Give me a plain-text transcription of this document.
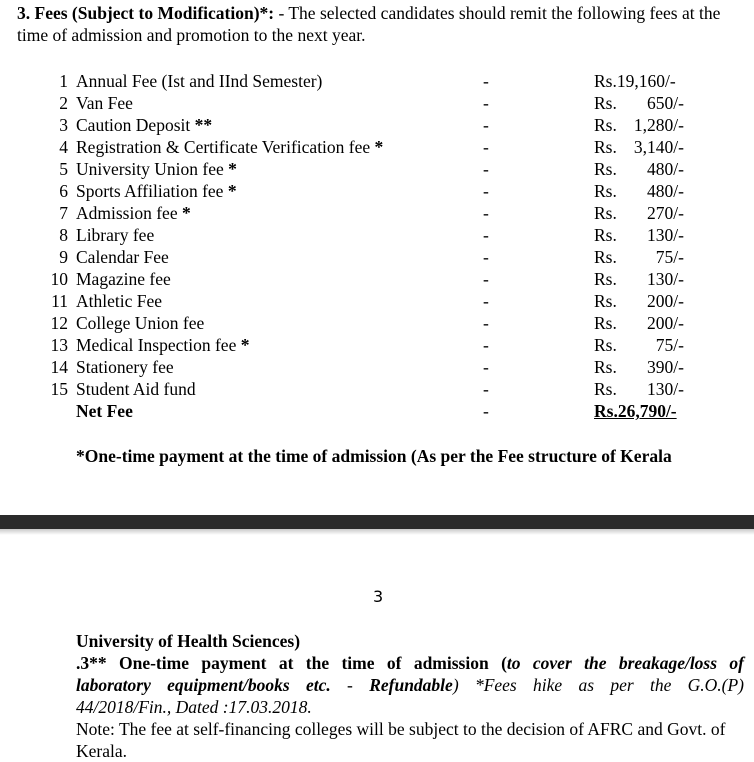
3. Fees (Subject to Modification)*: - The selected candidates should remit the following fees at the time of admission and promotion to the next year.
1 Annual Fee (Ist and IInd Semester)	-	Rs.19,160/-
2 Van Fee	-	Rs. 650/-
3 Caution Deposit **	-	Rs. 1,280/-
4 Registration & Certificate Verification fee *	-	Rs. 3,140/-
5 University Union fee *	-	Rs. 480/-
6 Sports Affiliation fee *	-	Rs. 480/-
7 Admission fee *	-	Rs. 270/-
8 Library fee	-	Rs. 130/-
9 Calendar Fee	-	Rs. 75/-
10 Magazine fee	-	Rs. 130/-
11 Athletic Fee	-	Rs. 200/-
12 College Union fee	-	Rs. 200/-
13 Medical Inspection fee *	-	Rs. 75/-
14 Stationery fee	-	Rs. 390/-
15 Student Aid fund	-	Rs. 130/-
Net Fee	-	Rs.26,790/-
*One-time payment at the time of admission (As per the Fee structure of Kerala
3

University of Health Sciences)

.3** One-time payment at the time of admission (to cover the breakage/loss of

laboratory equipment/books etc. - Refundable) *Fees hike as per the G.O.(P)

44/2018/Fin., Dated :17.03.2018.

Note: The fee at self-financing colleges will be subject to the decision of AFRC and Govt. of Kerala.
